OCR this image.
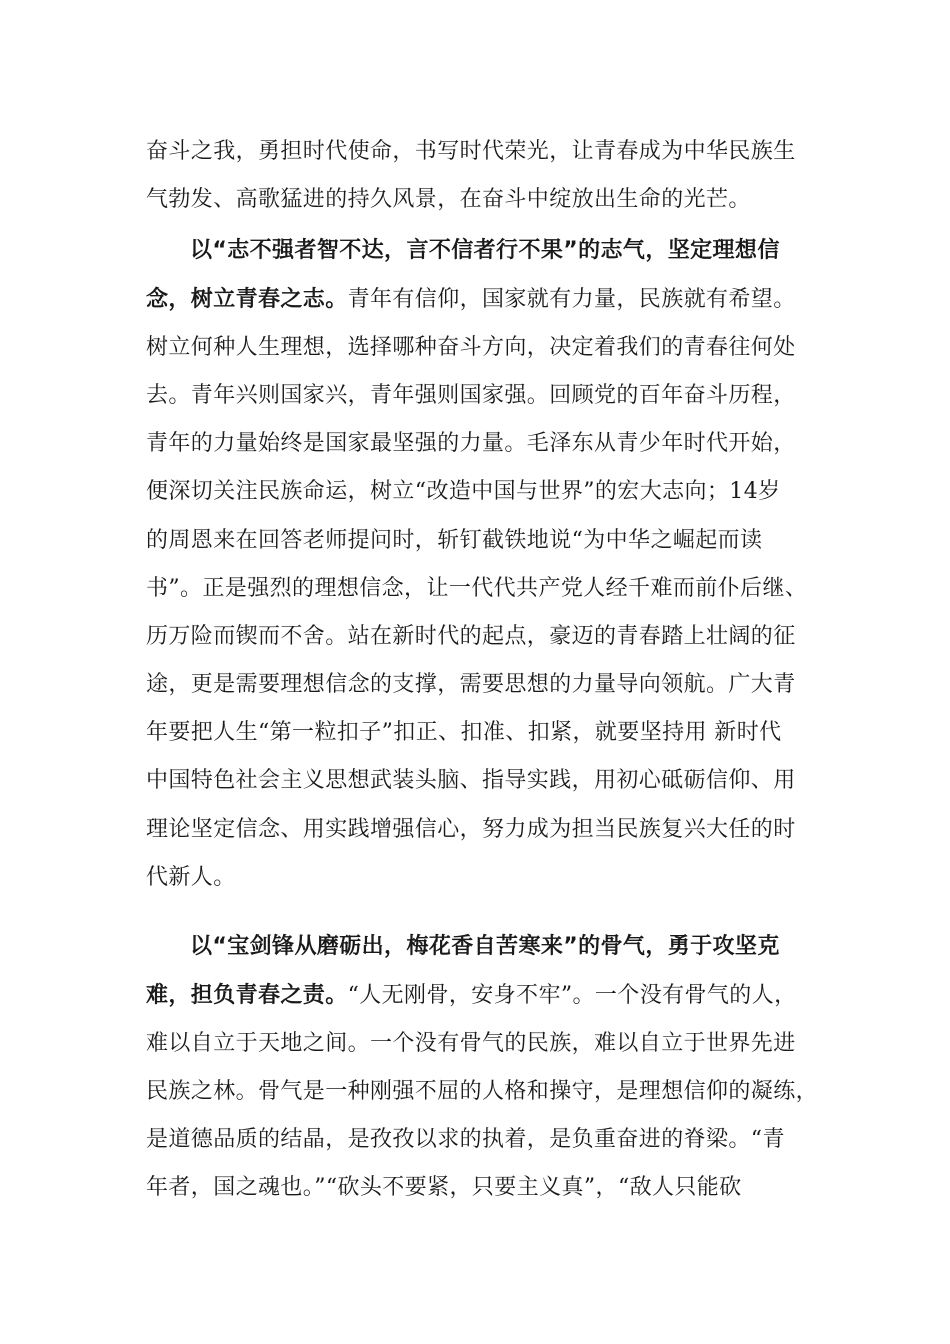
奋斗之我，勇担时代使命，书写时代荣光，让青春成为中华民族生
气勃发、高歌猛进的持久风景，在奋斗中绽放出生命的光芒。
以“志不强者智不达，言不信者行不果”的志气，坚定理想信
念，树立青春之志。青年有信仰，国家就有力量，民族就有希望。
树立何种人生理想，选择哪种奋斗方向，决定着我们的青春往何处
去。青年兴则国家兴，青年强则国家强。回顾党的百年奋斗历程，
青年的力量始终是国家最坚强的力量。毛泽东从青少年时代开始，
便深切关注民族命运，树立“改造中国与世界”的宏大志向；14岁
的周恩来在回答老师提问时，斩钉截铁地说“为中华之崛起而读
书”。正是强烈的理想信念，让一代代共产党人经千难而前仆后继、
历万险而锲而不舍。站在新时代的起点，豪迈的青春踏上壮阔的征
途，更是需要理想信念的支撑，需要思想的力量导向领航。广大青
年要把人生“第一粒扣子”扣正、扣准、扣紧，就要坚持用 新时代
中国特色社会主义思想武装头脑、指导实践，用初心砥砺信仰、用
理论坚定信念、用实践增强信心，努力成为担当民族复兴大任的时
代新人。
以“宝剑锋从磨砺出，梅花香自苦寒来”的骨气，勇于攻坚克
难，担负青春之责。“人无刚骨，安身不牢”。一个没有骨气的人，
难以自立于天地之间。一个没有骨气的民族，难以自立于世界先进
民族之林。骨气是一种刚强不屈的人格和操守，是理想信仰的凝练，
是道德品质的结晶，是孜孜以求的执着，是负重奋进的脊梁。“青
年者，国之魂也。”“砍头不要紧，只要主义真”，“敌人只能砍
